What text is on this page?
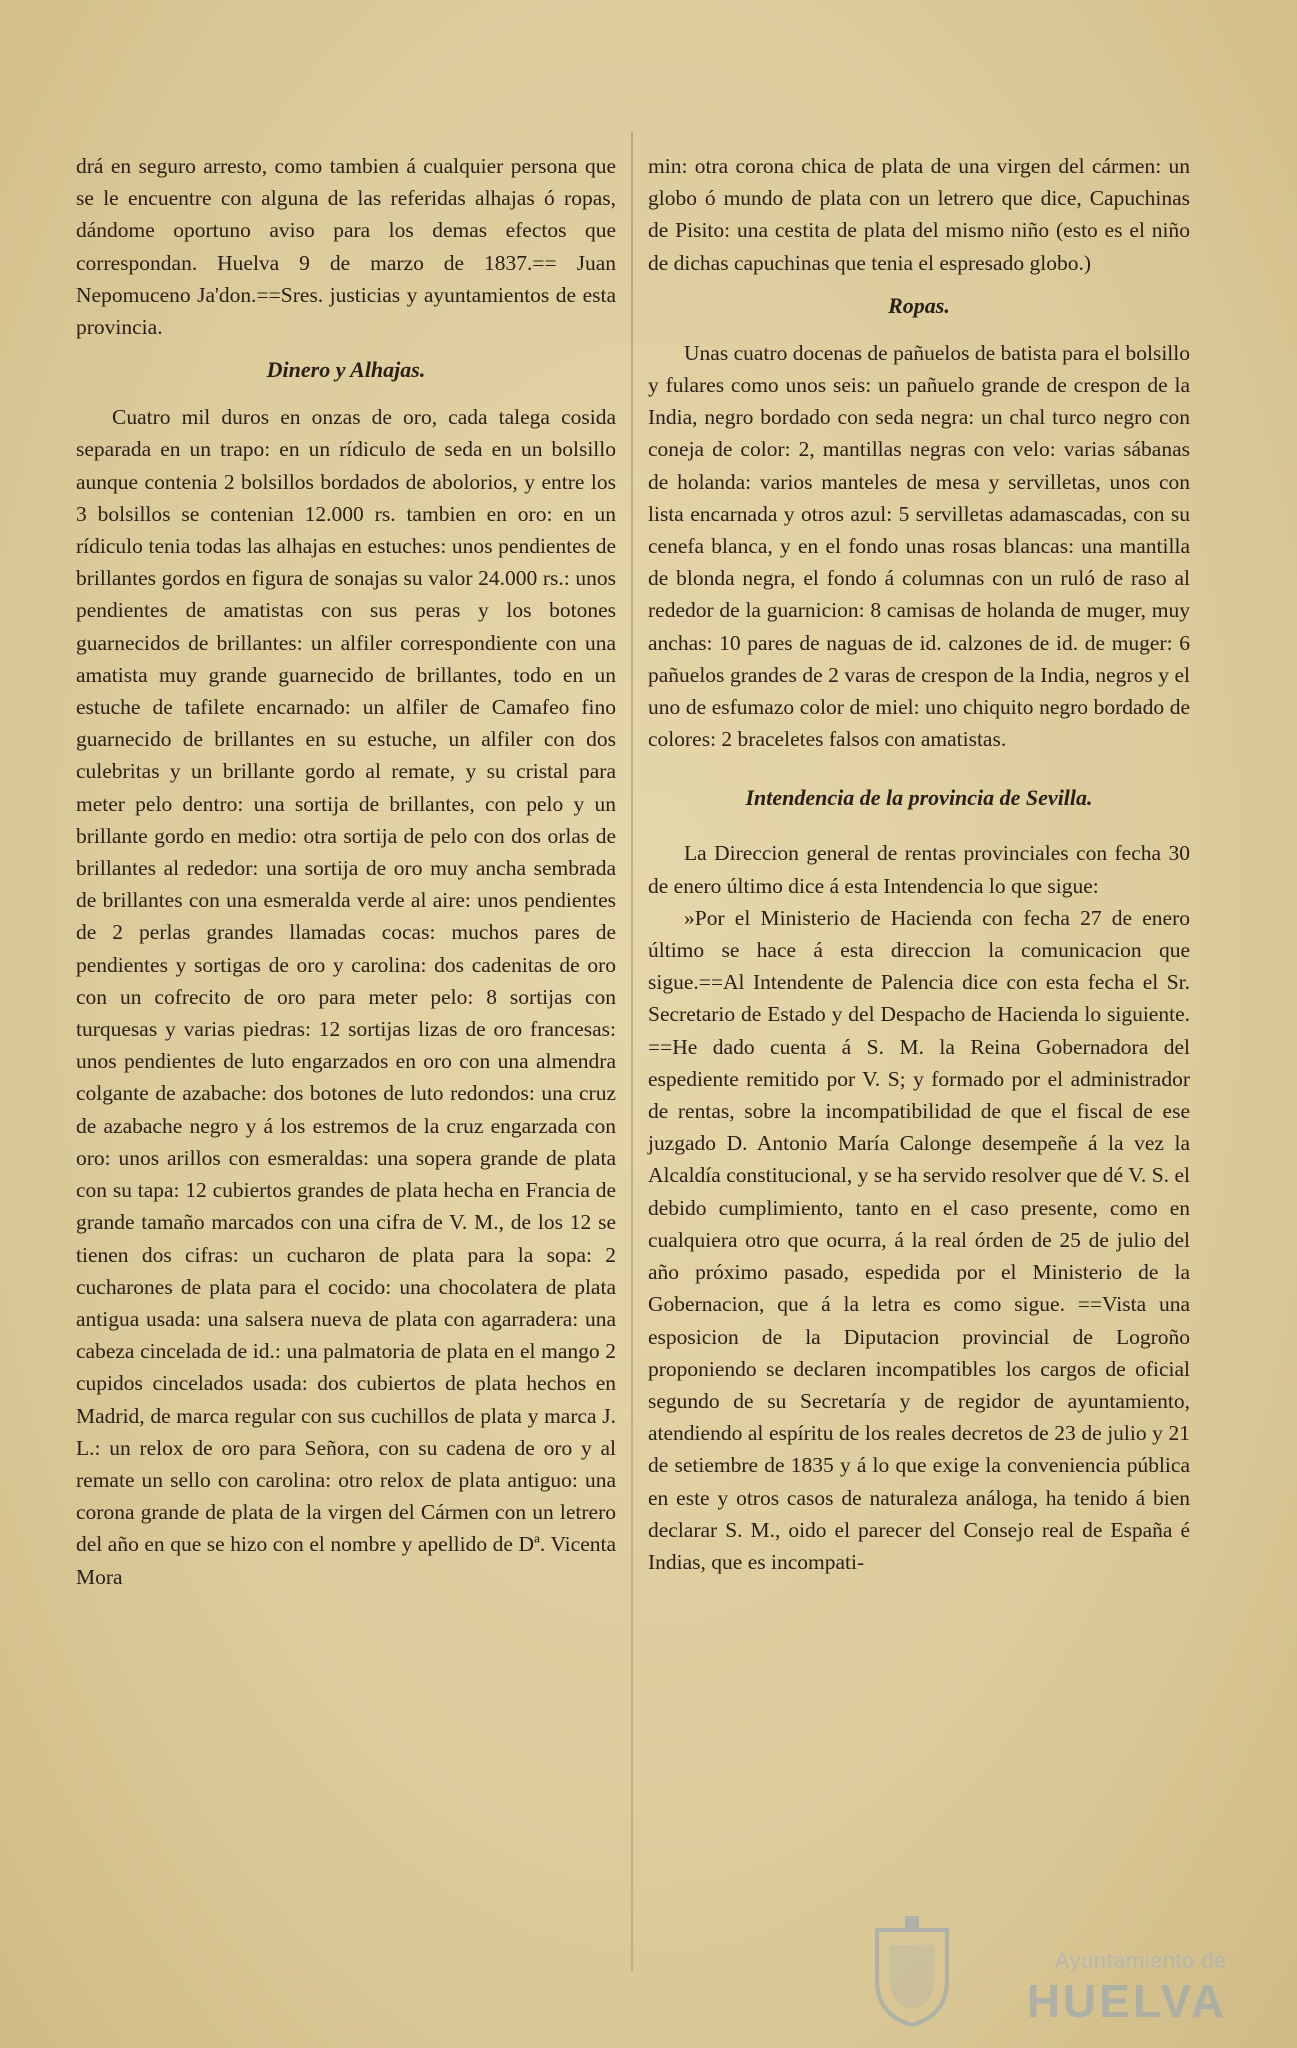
drá en seguro arresto, como tambien á cualquier persona que se le encuentre con alguna de las referidas alhajas ó ropas, dándome oportuno aviso para los demas efectos que correspondan. Huelva 9 de marzo de 1837.== Juan Nepomuceno Ja'don.==Sres. justicias y ayuntamientos de esta provincia.

Dinero y Alhajas.

Cuatro mil duros en onzas de oro, cada talega cosida separada en un trapo: en un rídiculo de seda en un bolsillo aunque contenia 2 bolsillos bordados de abolorios, y entre los 3 bolsillos se contenian 12.000 rs. tambien en oro: en un rídiculo tenia todas las alhajas en estuches: unos pendientes de brillantes gordos en figura de sonajas su valor 24.000 rs.: unos pendientes de amatistas con sus peras y los botones guarnecidos de brillantes: un alfiler correspondiente con una amatista muy grande guarnecido de brillantes, todo en un estuche de tafilete encarnado: un alfiler de Camafeo fino guarnecido de brillantes en su estuche, un alfiler con dos culebritas y un brillante gordo al remate, y su cristal para meter pelo dentro: una sortija de brillantes, con pelo y un brillante gordo en medio: otra sortija de pelo con dos orlas de brillantes al rededor: una sortija de oro muy ancha sembrada de brillantes con una esmeralda verde al aire: unos pendientes de 2 perlas grandes llamadas cocas: muchos pares de pendientes y sortigas de oro y carolina: dos cadenitas de oro con un cofrecito de oro para meter pelo: 8 sortijas con turquesas y varias piedras: 12 sortijas lizas de oro francesas: unos pendientes de luto engarzados en oro con una almendra colgante de azabache: dos botones de luto redondos: una cruz de azabache negro y á los estremos de la cruz engarzada con oro: unos arillos con esmeraldas: una sopera grande de plata con su tapa: 12 cubiertos grandes de plata hecha en Francia de grande tamaño marcados con una cifra de V. M., de los 12 se tienen dos cifras: un cucharon de plata para la sopa: 2 cucharones de plata para el cocido: una chocolatera de plata antigua usada: una salsera nueva de plata con agarradera: una cabeza cincelada de id.: una palmatoria de plata en el mango 2 cupidos cincelados usada: dos cubiertos de plata hechos en Madrid, de marca regular con sus cuchillos de plata y marca J. L.: un relox de oro para Señora, con su cadena de oro y al remate un sello con carolina: otro relox de plata antiguo: una corona grande de plata de la virgen del Cármen con un letrero del año en que se hizo con el nombre y apellido de Dª. Vicenta Mora

min: otra corona chica de plata de una virgen del cármen: un globo ó mundo de plata con un letrero que dice, Capuchinas de Pisito: una cestita de plata del mismo niño (esto es el niño de dichas capuchinas que tenia el espresado globo.)

Ropas.

Unas cuatro docenas de pañuelos de batista para el bolsillo y fulares como unos seis: un pañuelo grande de crespon de la India, negro bordado con seda negra: un chal turco negro con coneja de color: 2, mantillas negras con velo: varias sábanas de holanda: varios manteles de mesa y servilletas, unos con lista encarnada y otros azul: 5 servilletas adamascadas, con su cenefa blanca, y en el fondo unas rosas blancas: una mantilla de blonda negra, el fondo á columnas con un ruló de raso al rededor de la guarnicion: 8 camisas de holanda de muger, muy anchas: 10 pares de naguas de id. calzones de id. de muger: 6 pañuelos grandes de 2 varas de crespon de la India, negros y el uno de esfumazo color de miel: uno chiquito negro bordado de colores: 2 braceletes falsos con amatistas.

Intendencia de la provincia de Sevilla.

La Direccion general de rentas provinciales con fecha 30 de enero último dice á esta Intendencia lo que sigue:

»Por el Ministerio de Hacienda con fecha 27 de enero último se hace á esta direccion la comunicacion que sigue.==Al Intendente de Palencia dice con esta fecha el Sr. Secretario de Estado y del Despacho de Hacienda lo siguiente. ==He dado cuenta á S. M. la Reina Gobernadora del espediente remitido por V. S; y formado por el administrador de rentas, sobre la incompatibilidad de que el fiscal de ese juzgado D. Antonio María Calonge desempeñe á la vez la Alcaldía constitucional, y se ha servido resolver que dé V. S. el debido cumplimiento, tanto en el caso presente, como en cualquiera otro que ocurra, á la real órden de 25 de julio del año próximo pasado, espedida por el Ministerio de la Gobernacion, que á la letra es como sigue. ==Vista una esposicion de la Diputacion provincial de Logroño proponiendo se declaren incompatibles los cargos de oficial segundo de su Secretaría y de regidor de ayuntamiento, atendiendo al espíritu de los reales decretos de 23 de julio y 21 de setiembre de 1835 y á lo que exige la conveniencia pública en este y otros casos de naturaleza análoga, ha tenido á bien declarar S. M., oido el parecer del Consejo real de España é Indias, que es incompati-

Ayuntamiento de
HUELVA
